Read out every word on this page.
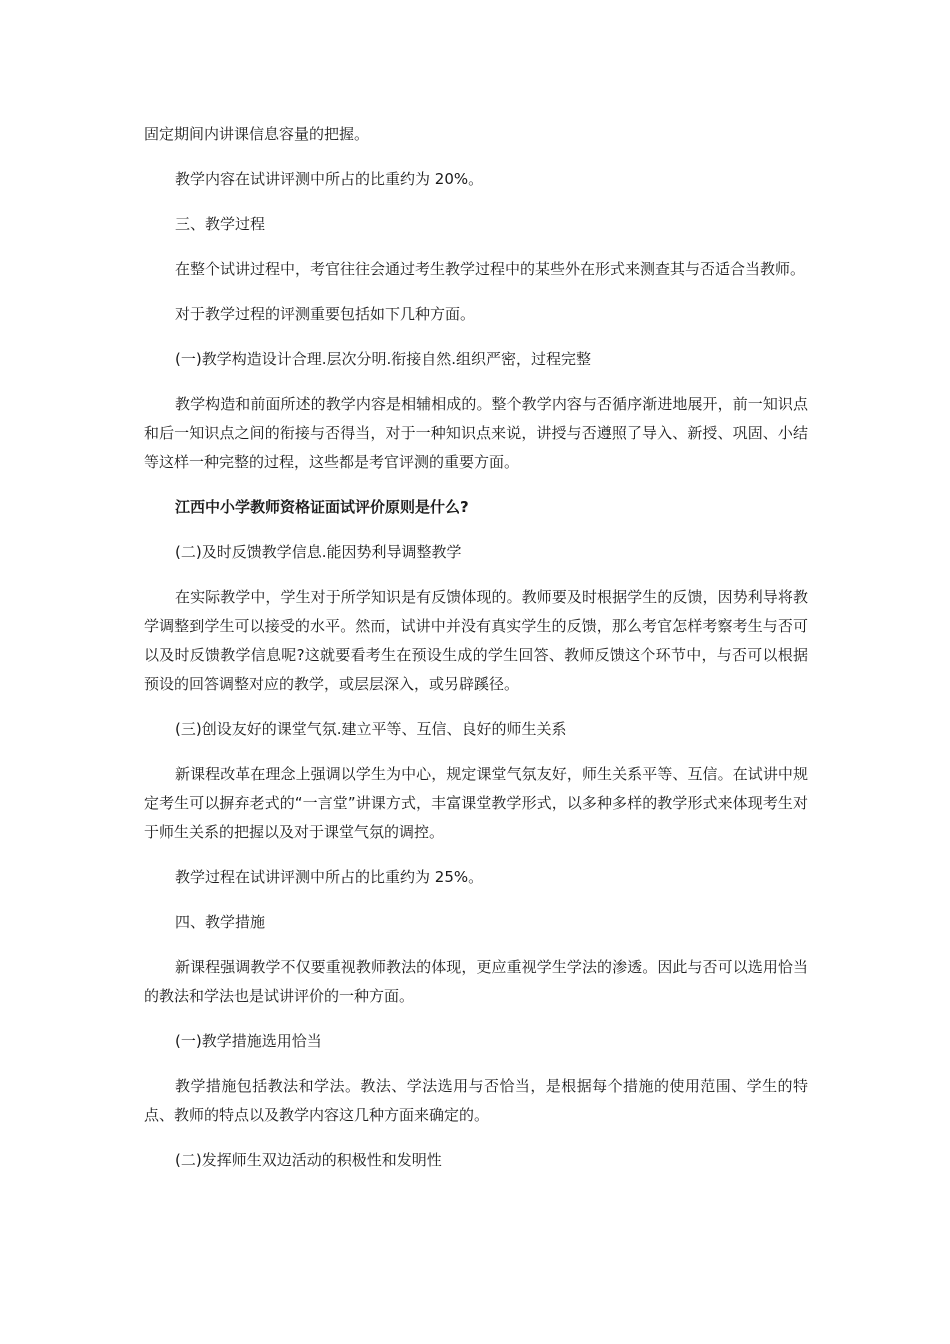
固定期间内讲课信息容量的把握。

教学内容在试讲评测中所占的比重约为 20%。

三、教学过程

在整个试讲过程中，考官往往会通过考生教学过程中的某些外在形式来测查其与否适合当教师。

对于教学过程的评测重要包括如下几种方面。

(一)教学构造设计合理.层次分明.衔接自然.组织严密，过程完整

教学构造和前面所述的教学内容是相辅相成的。整个教学内容与否循序渐进地展开，前一知识点和后一知识点之间的衔接与否得当，对于一种知识点来说，讲授与否遵照了导入、新授、巩固、小结等这样一种完整的过程，这些都是考官评测的重要方面。

江西中小学教师资格证面试评价原则是什么?

(二)及时反馈教学信息.能因势利导调整教学

在实际教学中，学生对于所学知识是有反馈体现的。教师要及时根据学生的反馈，因势利导将教学调整到学生可以接受的水平。然而，试讲中并没有真实学生的反馈，那么考官怎样考察考生与否可以及时反馈教学信息呢?这就要看考生在预设生成的学生回答、教师反馈这个环节中，与否可以根据预设的回答调整对应的教学，或层层深入，或另辟蹊径。

(三)创设友好的课堂气氛.建立平等、互信、良好的师生关系

新课程改革在理念上强调以学生为中心，规定课堂气氛友好，师生关系平等、互信。在试讲中规定考生可以摒弃老式的“一言堂”讲课方式，丰富课堂教学形式，以多种多样的教学形式来体现考生对于师生关系的把握以及对于课堂气氛的调控。

教学过程在试讲评测中所占的比重约为 25%。

四、教学措施

新课程强调教学不仅要重视教师教法的体现，更应重视学生学法的渗透。因此与否可以选用恰当的教法和学法也是试讲评价的一种方面。

(一)教学措施选用恰当

教学措施包括教法和学法。教法、学法选用与否恰当，是根据每个措施的使用范围、学生的特点、教师的特点以及教学内容这几种方面来确定的。

(二)发挥师生双边活动的积极性和发明性
